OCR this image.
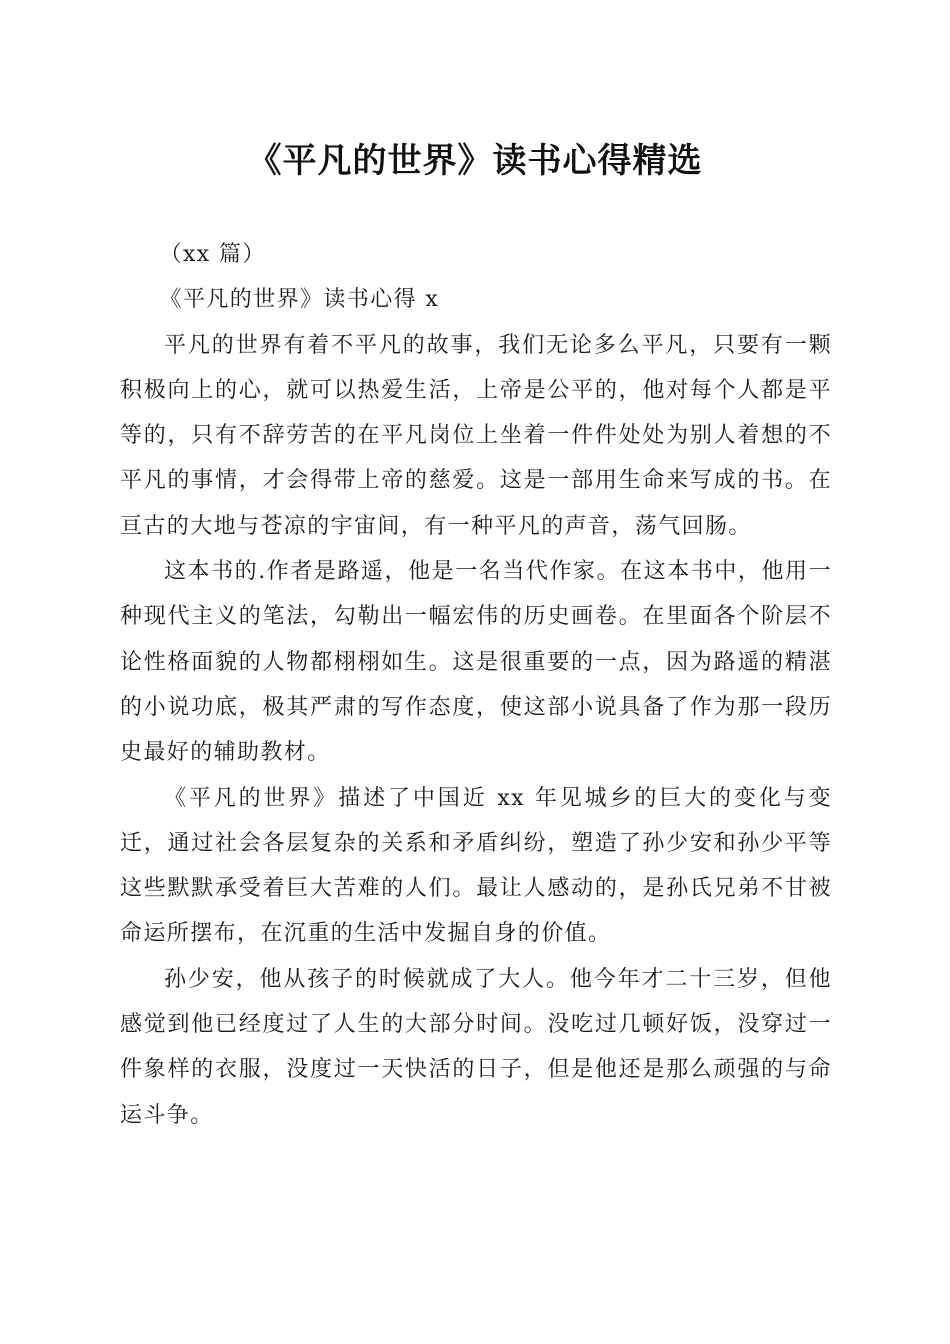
《平凡的世界》读书心得精选

（xx 篇）

《平凡的世界》读书心得 x

平凡的世界有着不平凡的故事，我们无论多么平凡，只要有一颗积极向上的心，就可以热爱生活，上帝是公平的，他对每个人都是平等的，只有不辞劳苦的在平凡岗位上坐着一件件处处为别人着想的不平凡的事情，才会得带上帝的慈爱。这是一部用生命来写成的书。在亘古的大地与苍凉的宇宙间，有一种平凡的声音，荡气回肠。

这本书的.作者是路遥，他是一名当代作家。在这本书中，他用一种现代主义的笔法，勾勒出一幅宏伟的历史画卷。在里面各个阶层不论性格面貌的人物都栩栩如生。这是很重要的一点，因为路遥的精湛的小说功底，极其严肃的写作态度，使这部小说具备了作为那一段历史最好的辅助教材。

《平凡的世界》描述了中国近 xx 年见城乡的巨大的变化与变迁，通过社会各层复杂的关系和矛盾纠纷，塑造了孙少安和孙少平等这些默默承受着巨大苦难的人们。最让人感动的，是孙氏兄弟不甘被命运所摆布，在沉重的生活中发掘自身的价值。

孙少安，他从孩子的时候就成了大人。他今年才二十三岁，但他感觉到他已经度过了人生的大部分时间。没吃过几顿好饭，没穿过一件象样的衣服，没度过一天快活的日子，但是他还是那么顽强的与命运斗争。
